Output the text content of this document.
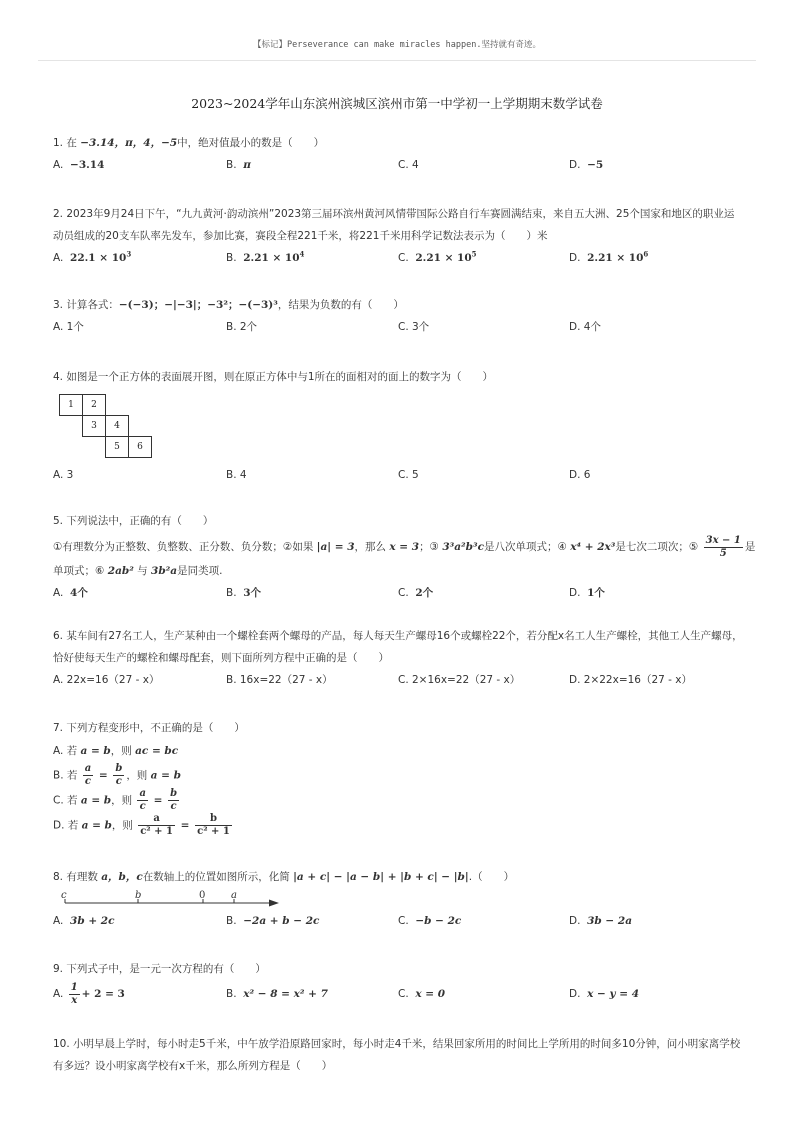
【标记】Perseverance can make miracles happen.坚持就有奇迹。
2023~2024学年山东滨州滨城区滨州市第一中学初一上学期期末数学试卷
1. 在 −3.14，π，4，−5中，绝对值最小的数是（　　）
A. −3.14	B. π	C. 4	D. −5
2. 2023年9月24日下午，“九九黄河·韵动滨州”2023第三届环滨州黄河风情带国际公路自行车赛圆满结束，来自五大洲、25个国家和地区的职业运
动员组成的20支车队率先发车，参加比赛，赛段全程221千米，将221千米用科学记数法表示为（　　）米
A. $22.1 \times 10^3$	B. $2.21 \times 10^4$	C. $2.21 \times 10^5$	D. $2.21 \times 10^6$
3. 计算各式：−(−3)；−|−3|；−3²；−(−3)³，结果为负数的有（　　）
A. 1个	B. 2个	C. 3个	D. 4个
4. 如图是一个正方体的表面展开图，则在原正方体中与1所在的面相对的面上的数字为（　　）
1	2
3	4
5	6
A. 3	B. 4	C. 5	D. 6
5. 下列说法中，正确的有（　　）
①有理数分为正整数、负整数、正分数、负分数；②如果 |a| = 3，那么 x = 3；③ 3³a²b³c是八次单项式；④ x⁴ + 2x³是七次二项次；⑤ $\frac{3x - 1}{5}$ 是
单项式；⑥ 2ab² 与 3b²a是同类项.
A. 4个	B. 3个	C. 2个	D. 1个
6. 某车间有27名工人，生产某种由一个螺栓套两个螺母的产品，每人每天生产螺母16个或螺栓22个，若分配x名工人生产螺栓，其他工人生产螺母，
恰好使每天生产的螺栓和螺母配套，则下面所列方程中正确的是（　　）
A. 22x=16（27 - x）	B. 16x=22（27 - x）	C. 2×16x=22（27 - x）	D. 2×22x=16（27 - x）
7. 下列方程变形中，不正确的是（　　）
A. 若 a = b，则 ac = bc
B. 若 $\frac{a}{c} = \frac{b}{c}$ ，则 a = b
C. 若 a = b，则 $\frac{a}{c} = \frac{b}{c}$
D. 若 a = b，则 $\frac{a}{\text{c² + 1}} = \frac{b}{\text{c² + 1}}$
8. 有理数 a，b，c在数轴上的位置如图所示，化简 |a + c| − |a − b| + |b + c| − |b|.（　　）
c	b	0	a
A. 3b + 2c	B. −2a + b − 2c	C. −b − 2c	D. 3b − 2a
9. 下列式子中，是一元一次方程的有（　　）
A. $\frac{1}{x} + 2 = 3$	B. x² − 8 = x² + 7	C. x = 0	D. x − y = 4
10. 小明早晨上学时，每小时走5千米，中午放学沿原路回家时，每小时走4千米，结果回家所用的时间比上学所用的时间多10分钟，问小明家离学校
有多远？设小明家离学校有x千米，那么所列方程是（　　）
